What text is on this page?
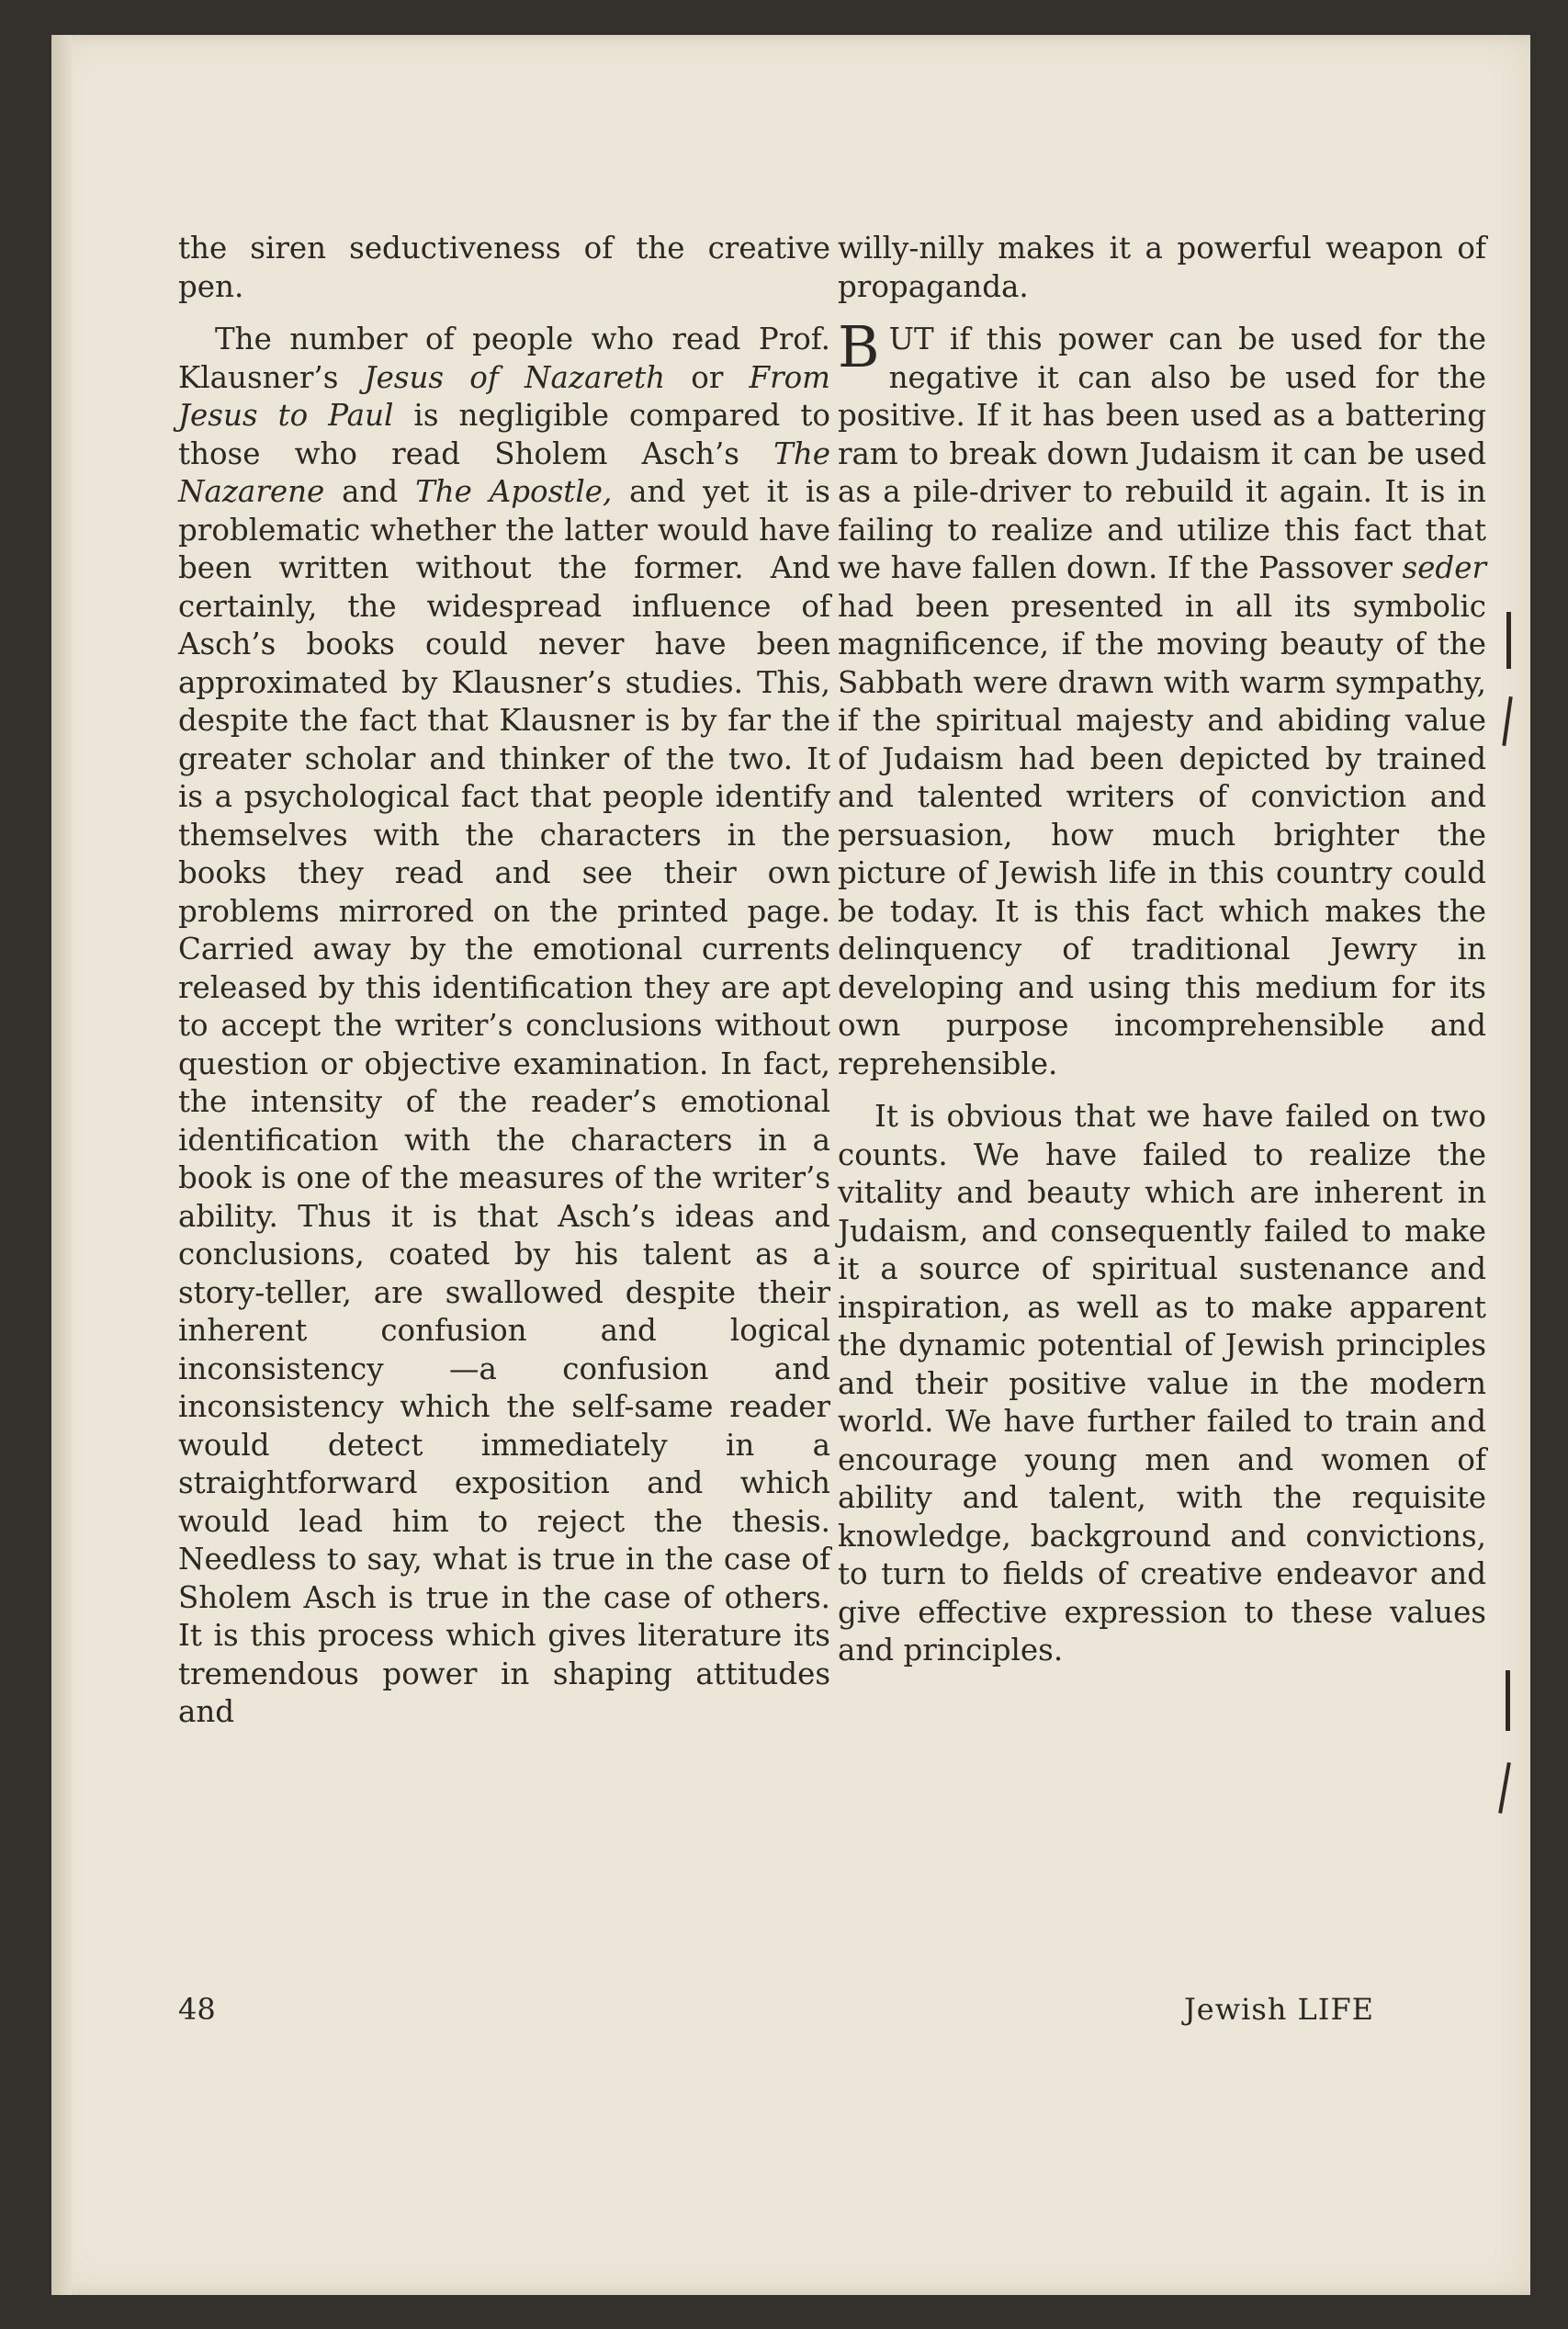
the siren seductiveness of the creative pen.

The number of people who read Prof. Klausner’s Jesus of Nazareth or From Jesus to Paul is negligible compared to those who read Sholem Asch’s The Nazarene and The Apostle, and yet it is problematic whether the latter would have been written without the former. And certainly, the widespread influence of Asch’s books could never have been approximated by Klausner’s studies. This, despite the fact that Klausner is by far the greater scholar and thinker of the two. It is a psychological fact that people identify themselves with the characters in the books they read and see their own problems mirrored on the printed page. Carried away by the emotional currents released by this identification they are apt to accept the writer’s conclusions without question or objective examination. In fact, the intensity of the reader’s emotional identification with the characters in a book is one of the measures of the writer’s ability. Thus it is that Asch’s ideas and conclusions, coated by his talent as a story-teller, are swallowed despite their inherent confusion and logical inconsistency —a confusion and inconsistency which the self-same reader would detect immediately in a straightforward exposition and which would lead him to reject the thesis. Needless to say, what is true in the case of Sholem Asch is true in the case of others. It is this process which gives literature its tremendous power in shaping attitudes and

willy-nilly makes it a powerful weapon of propaganda.

BUT if this power can be used for the negative it can also be used for the positive. If it has been used as a battering ram to break down Judaism it can be used as a pile-driver to rebuild it again. It is in failing to realize and utilize this fact that we have fallen down. If the Passover seder had been presented in all its symbolic magnificence, if the moving beauty of the Sabbath were drawn with warm sympathy, if the spiritual majesty and abiding value of Judaism had been depicted by trained and talented writers of conviction and persuasion, how much brighter the picture of Jewish life in this country could be today. It is this fact which makes the delinquency of traditional Jewry in developing and using this medium for its own purpose incomprehensible and reprehensible.

It is obvious that we have failed on two counts. We have failed to realize the vitality and beauty which are inherent in Judaism, and consequently failed to make it a source of spiritual sustenance and inspiration, as well as to make apparent the dynamic potential of Jewish principles and their positive value in the modern world. We have further failed to train and encourage young men and women of ability and talent, with the requisite knowledge, background and convictions, to turn to fields of creative endeavor and give effective expression to these values and principles.

48	Jewish LIFE
